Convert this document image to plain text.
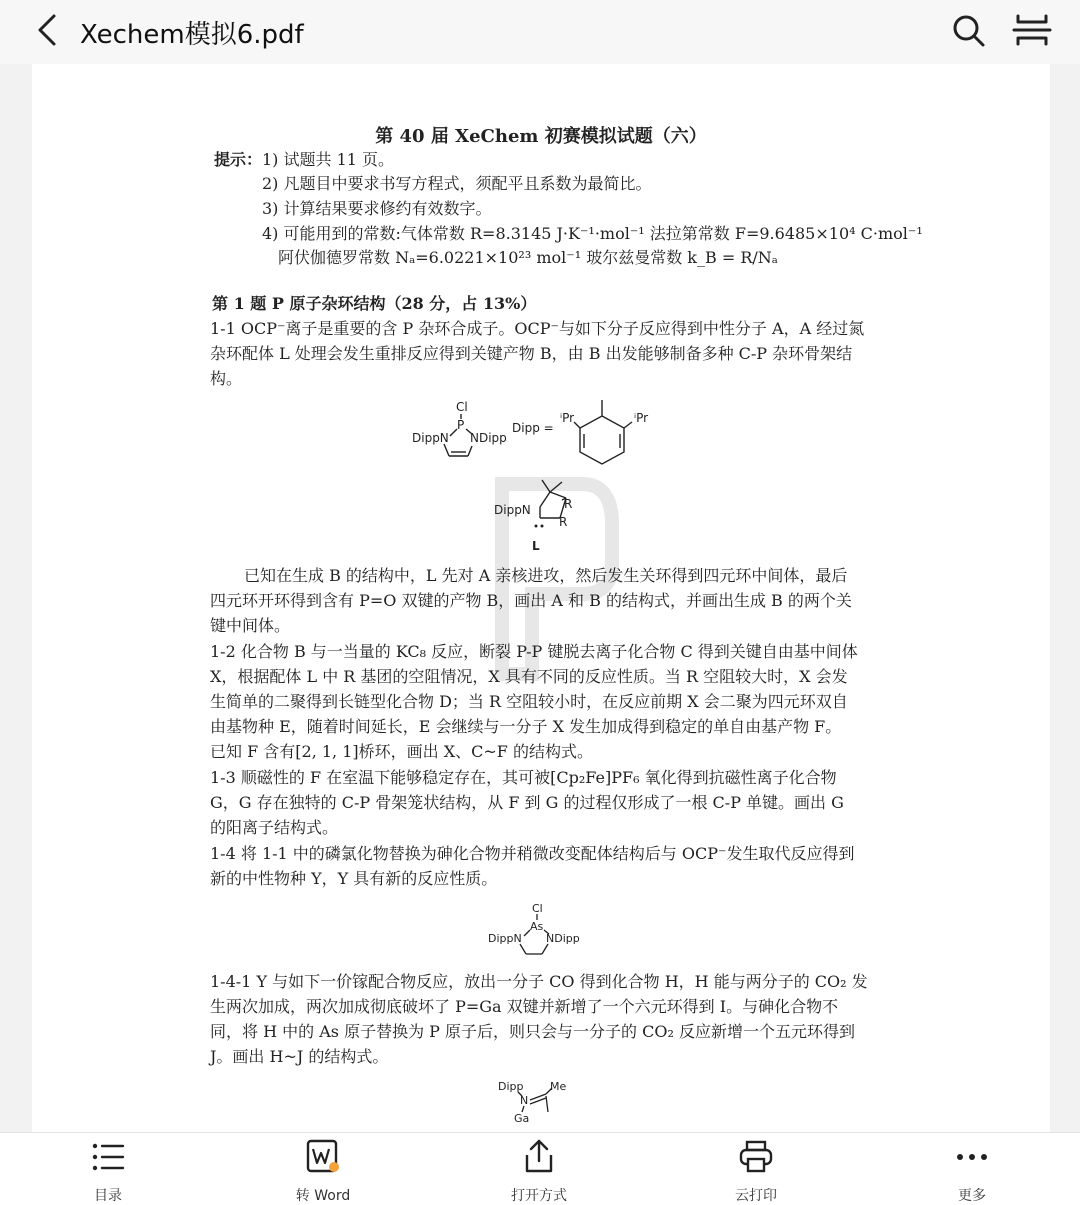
Xechem模拟6.pdf
第 40 届 XeChem 初赛模拟试题（六）
提示： 1) 试题共 11 页。
2) 凡题目中要求书写方程式，须配平且系数为最简比。
3) 计算结果要求修约有效数字。
4) 可能用到的常数:气体常数 R=8.3145 J·K⁻¹·mol⁻¹ 法拉第常数 F=9.6485×10⁴ C·mol⁻¹
阿伏伽德罗常数 Nₐ=6.0221×10²³ mol⁻¹ 玻尔兹曼常数 k_B = R/Nₐ
第 1 题 P 原子杂环结构（28 分，占 13%）
1-1 OCP⁻离子是重要的含 P 杂环合成子。OCP⁻与如下分子反应得到中性分子 A，A 经过氮
杂环配体 L 处理会发生重排反应得到关键产物 B，由 B 出发能够制备多种 C-P 杂环骨架结
构。
Cl
P
DippN NDipp
Dipp =
ⁱPr	ⁱPr
DippN	R
R
L
已知在生成 B 的结构中，L 先对 A 亲核进攻，然后发生关环得到四元环中间体，最后
四元环开环得到含有 P=O 双键的产物 B，画出 A 和 B 的结构式，并画出生成 B 的两个关
键中间体。
1-2 化合物 B 与一当量的 KC₈ 反应，断裂 P-P 键脱去离子化合物 C 得到关键自由基中间体
X，根据配体 L 中 R 基团的空阻情况，X 具有不同的反应性质。当 R 空阻较大时，X 会发
生简单的二聚得到长链型化合物 D；当 R 空阻较小时，在反应前期 X 会二聚为四元环双自
由基物种 E，随着时间延长，E 会继续与一分子 X 发生加成得到稳定的单自由基产物 F。
已知 F 含有[2, 1, 1]桥环，画出 X、C~F 的结构式。
1-3 顺磁性的 F 在室温下能够稳定存在，其可被[Cp₂Fe]PF₆ 氧化得到抗磁性离子化合物
G，G 存在独特的 C-P 骨架笼状结构，从 F 到 G 的过程仅形成了一根 C-P 单键。画出 G
的阳离子结构式。
1-4 将 1-1 中的磷氯化物替换为砷化合物并稍微改变配体结构后与 OCP⁻发生取代反应得到
新的中性物种 Y，Y 具有新的反应性质。
Cl
As
DippN NDipp
1-4-1 Y 与如下一价镓配合物反应，放出一分子 CO 得到化合物 H，H 能与两分子的 CO₂ 发
生两次加成，两次加成彻底破坏了 P=Ga 双键并新增了一个六元环得到 I。与砷化合物不
同，将 H 中的 As 原子替换为 P 原子后，则只会与一分子的 CO₂ 反应新增一个五元环得到
J。画出 H~J 的结构式。
Dipp Me
N
Ga
目录	转 Word	打开方式	云打印	更多
